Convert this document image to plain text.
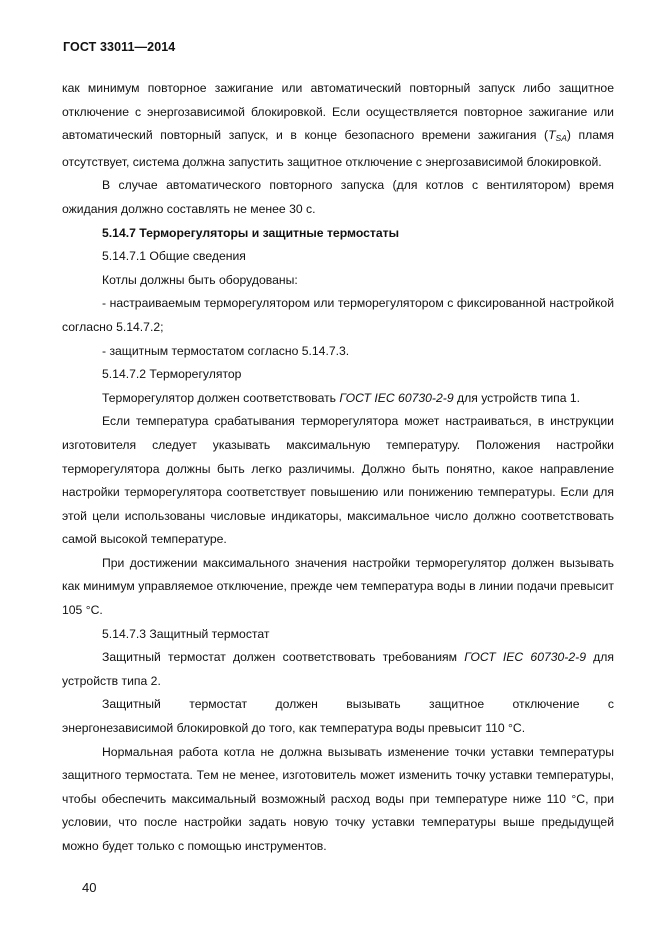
ГОСТ 33011—2014

как минимум повторное зажигание или автоматический повторный запуск либо защитное отключение с энергозависимой блокировкой. Если осуществляется повторное зажигание или автоматический повторный запуск, и в конце безопасного времени зажигания $(T_{SA})$ пламя отсутствует, система должна запустить защитное отключение с энергозависимой блокировкой.

В случае автоматического повторного запуска (для котлов с вентилятором) время ожидания должно составлять не менее 30 с.

5.14.7 Терморегуляторы и защитные термостаты

5.14.7.1 Общие сведения

Котлы должны быть оборудованы:

- настраиваемым терморегулятором или терморегулятором с фиксированной настройкой согласно 5.14.7.2;

- защитным термостатом согласно 5.14.7.3.

5.14.7.2 Терморегулятор

Терморегулятор должен соответствовать ГОСТ IEC 60730-2-9 для устройств типа 1.

Если температура срабатывания терморегулятора может настраиваться, в инструкции изготовителя следует указывать максимальную температуру. Положения настройки терморегулятора должны быть легко различимы. Должно быть понятно, какое направление настройки терморегулятора соответствует повышению или понижению температуры. Если для этой цели использованы числовые индикаторы, максимальное число должно соответствовать самой высокой температуре.

При достижении максимального значения настройки терморегулятор должен вызывать как минимум управляемое отключение, прежде чем температура воды в линии подачи превысит 105 °С.

5.14.7.3 Защитный термостат

Защитный термостат должен соответствовать требованиям ГОСТ IEC 60730-2-9 для устройств типа 2.

Защитный термостат должен вызывать защитное отключение с

энергонезависимой блокировкой до того, как температура воды превысит 110 °С.

Нормальная работа котла не должна вызывать изменение точки уставки температуры защитного термостата. Тем не менее, изготовитель может изменить точку уставки температуры, чтобы обеспечить максимальный возможный расход воды при температуре ниже 110 °С, при условии, что после настройки задать новую точку уставки температуры выше предыдущей можно будет только с помощью инструментов.

40
